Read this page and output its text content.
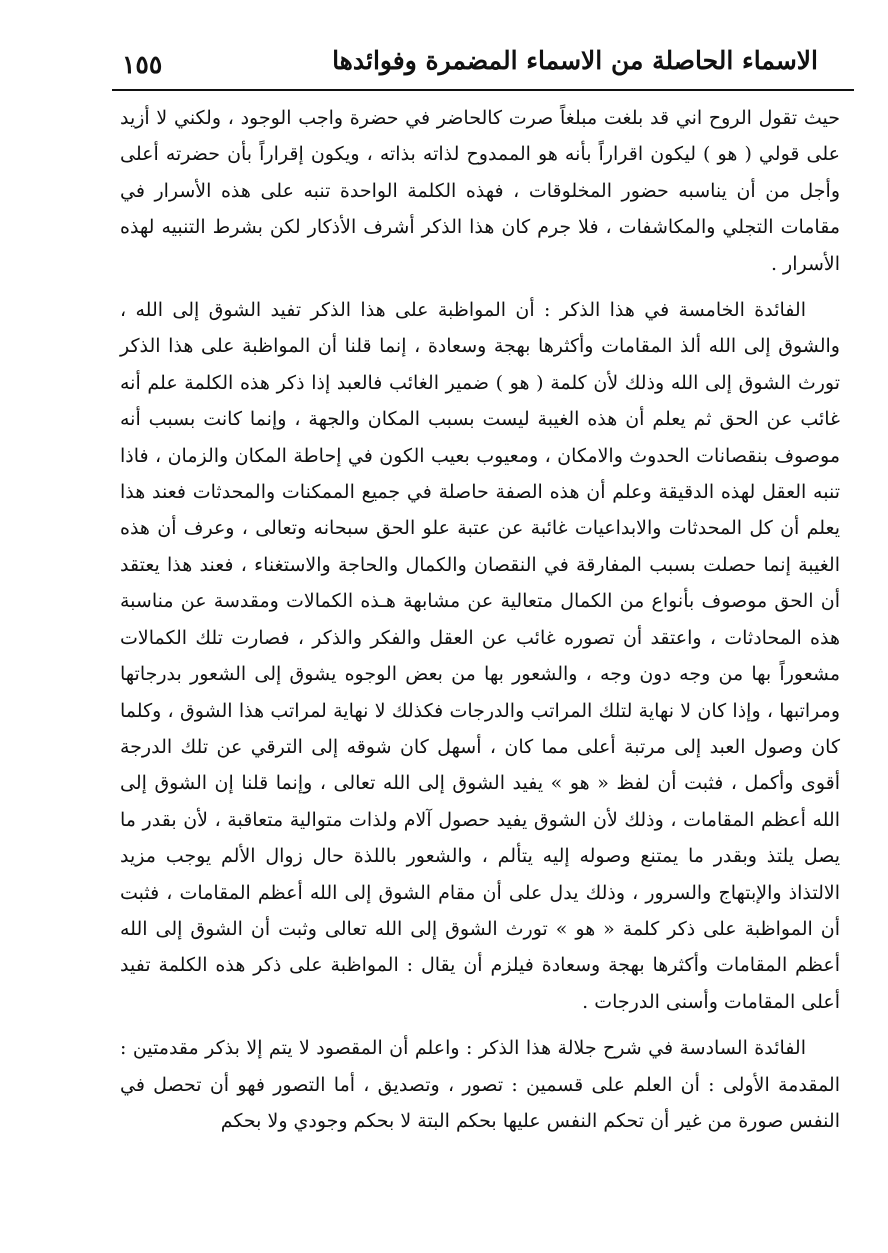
الاسماء الحاصلة من الاسماء المضمرة وفوائدها
١٥٥

حيث تقول الروح اني قد بلغت مبلغاً صرت كالحاضر في حضرة واجب الوجود ، ولكني لا أزيد على قولي ( هو ) ليكون اقراراً بأنه هو الممدوح لذاته بذاته ، ويكون إقراراً بأن حضرته أعلى وأجل من أن يناسبه حضور المخلوقات ، فهذه الكلمة الواحدة تنبه على هذه الأسرار في مقامات التجلي والمكاشفات ، فلا جرم كان هذا الذكر أشرف الأذكار لكن بشرط التنبيه لهذه الأسرار .

الفائدة الخامسة في هذا الذكر : أن المواظبة على هذا الذكر تفيد الشوق إلى الله ، والشوق إلى الله ألذ المقامات وأكثرها بهجة وسعادة ، إنما قلنا أن المواظبة على هذا الذكر تورث الشوق إلى الله وذلك لأن كلمة ( هو ) ضمير الغائب فالعبد إذا ذكر هذه الكلمة علم أنه غائب عن الحق ثم يعلم أن هذه الغيبة ليست بسبب المكان والجهة ، وإنما كانت بسبب أنه موصوف بنقصانات الحدوث والامكان ، ومعيوب بعيب الكون في إحاطة المكان والزمان ، فاذا تنبه العقل لهذه الدقيقة وعلم أن هذه الصفة حاصلة في جميع الممكنات والمحدثات فعند هذا يعلم أن كل المحدثات والابداعيات غائبة عن عتبة علو الحق سبحانه وتعالى ، وعرف أن هذه الغيبة إنما حصلت بسبب المفارقة في النقصان والكمال والحاجة والاستغناء ، فعند هذا يعتقد أن الحق موصوف بأنواع من الكمال متعالية عن مشابهة هـذه الكمالات ومقدسة عن مناسبة هذه المحادثات ، واعتقد أن تصوره غائب عن العقل والفكر والذكر ، فصارت تلك الكمالات مشعوراً بها من وجه دون وجه ، والشعور بها من بعض الوجوه يشوق إلى الشعور بدرجاتها ومراتبها ، وإذا كان لا نهاية لتلك المراتب والدرجات فكذلك لا نهاية لمراتب هذا الشوق ، وكلما كان وصول العبد إلى مرتبة أعلى مما كان ، أسهل كان شوقه إلى الترقي عن تلك الدرجة أقوى وأكمل ، فثبت أن لفظ « هو » يفيد الشوق إلى الله تعالى ، وإنما قلنا إن الشوق إلى الله أعظم المقامات ، وذلك لأن الشوق يفيد حصول آلام ولذات متوالية متعاقبة ، لأن بقدر ما يصل يلتذ وبقدر ما يمتنع وصوله إليه يتألم ، والشعور باللذة حال زوال الألم يوجب مزيد الالتذاذ والإبتهاج والسرور ، وذلك يدل على أن مقام الشوق إلى الله أعظم المقامات ، فثبت أن المواظبة على ذكر كلمة « هو » تورث الشوق إلى الله تعالى وثبت أن الشوق إلى الله أعظم المقامات وأكثرها بهجة وسعادة فيلزم أن يقال : المواظبة على ذكر هذه الكلمة تفيد أعلى المقامات وأسنى الدرجات .

الفائدة السادسة في شرح جلالة هذا الذكر : واعلم أن المقصود لا يتم إلا بذكر مقدمتين : المقدمة الأولى : أن العلم على قسمين : تصور ، وتصديق ، أما التصور فهو أن تحصل في النفس صورة من غير أن تحكم النفس عليها بحكم البتة لا بحكم وجودي ولا بحكم
